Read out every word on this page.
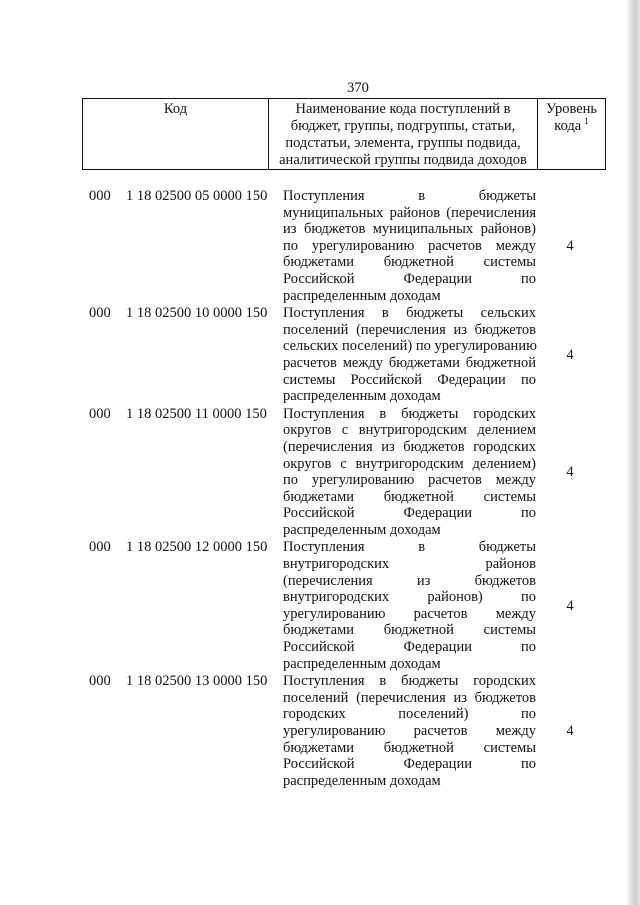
370
Код	Наименование кода поступлений в
бюджет, группы, подгруппы, статьи,
подстатьи, элемента, группы подвида,
аналитической группы подвида доходов
Уровень
кода $^1$
000	1 18 02500 05 0000 150	Поступления в бюджеты
муниципальных районов (перечисления
из бюджетов муниципальных районов)
по урегулированию расчетов между
бюджетами бюджетной системы
Российской Федерации по
распределенным доходам
4
000	1 18 02500 10 0000 150	Поступления в бюджеты сельских
поселений (перечисления из бюджетов
сельских поселений) по урегулированию
расчетов между бюджетами бюджетной
системы Российской Федерации по
распределенным доходам
4
000	1 18 02500 11 0000 150	Поступления в бюджеты городских
округов с внутригородским делением
(перечисления из бюджетов городских
округов с внутригородским делением)
по урегулированию расчетов между
бюджетами бюджетной системы
Российской Федерации по
распределенным доходам
4
000	1 18 02500 12 0000 150	Поступления в бюджеты
внутригородских районов
(перечисления из бюджетов
внутригородских районов) по
урегулированию расчетов между
бюджетами бюджетной системы
Российской Федерации по
распределенным доходам
4
000	1 18 02500 13 0000 150	Поступления в бюджеты городских
поселений (перечисления из бюджетов
городских поселений) по
урегулированию расчетов между
бюджетами бюджетной системы
Российской Федерации по
распределенным доходам
4
